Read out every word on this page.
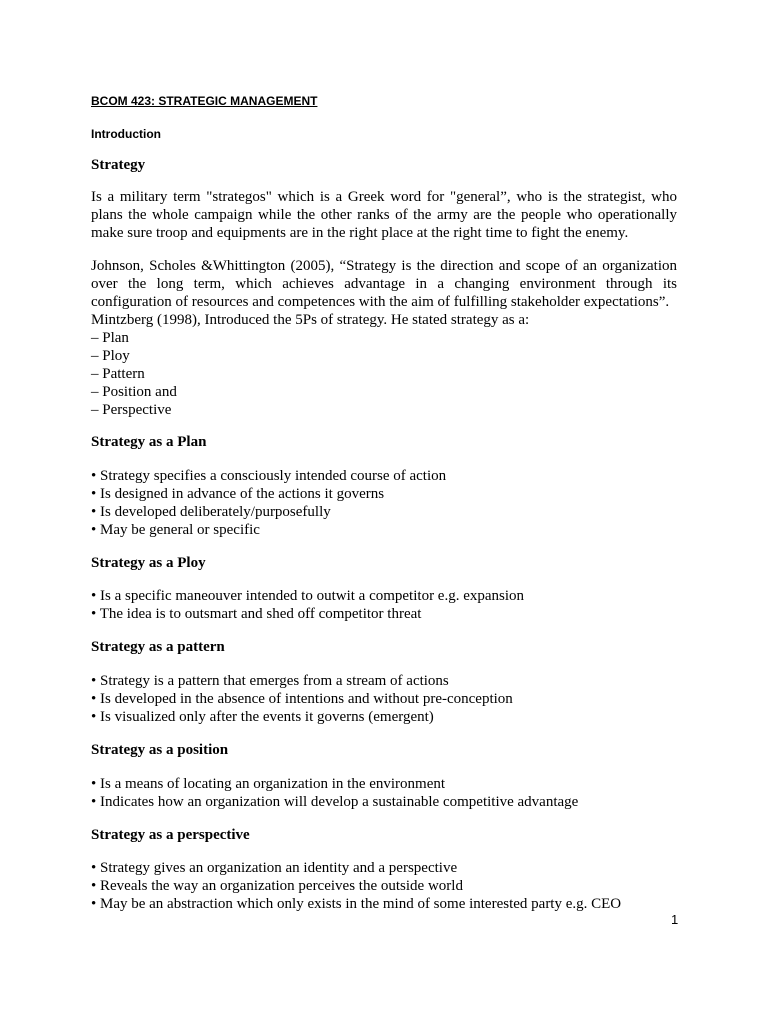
BCOM 423: STRATEGIC MANAGEMENT
Introduction
Strategy

Is a military term "strategos" which is a Greek word for "general”, who is the strategist, who plans the whole campaign while the other ranks of the army are the people who operationally make sure troop and equipments are in the right place at the right time to fight the enemy.

Johnson, Scholes &Whittington (2005), “Strategy is the direction and scope of an organization over the long term, which achieves advantage in a changing environment through its configuration of resources and competences with the aim of fulfilling stakeholder expectations”.

Mintzberg (1998), Introduced the 5Ps of strategy. He stated strategy as a:
– Plan
– Ploy
– Pattern
– Position and
– Perspective
Strategy as a Plan
• Strategy specifies a consciously intended course of action
• Is designed in advance of the actions it governs
• Is developed deliberately/purposefully
• May be general or specific
Strategy as a Ploy
• Is a specific maneouver intended to outwit a competitor e.g. expansion
• The idea is to outsmart and shed off competitor threat
Strategy as a pattern
• Strategy is a pattern that emerges from a stream of actions
• Is developed in the absence of intentions and without pre-conception
• Is visualized only after the events it governs (emergent)
Strategy as a position
• Is a means of locating an organization in the environment
• Indicates how an organization will develop a sustainable competitive advantage
Strategy as a perspective
• Strategy gives an organization an identity and a perspective
• Reveals the way an organization perceives the outside world
• May be an abstraction which only exists in the mind of some interested party e.g. CEO
1
